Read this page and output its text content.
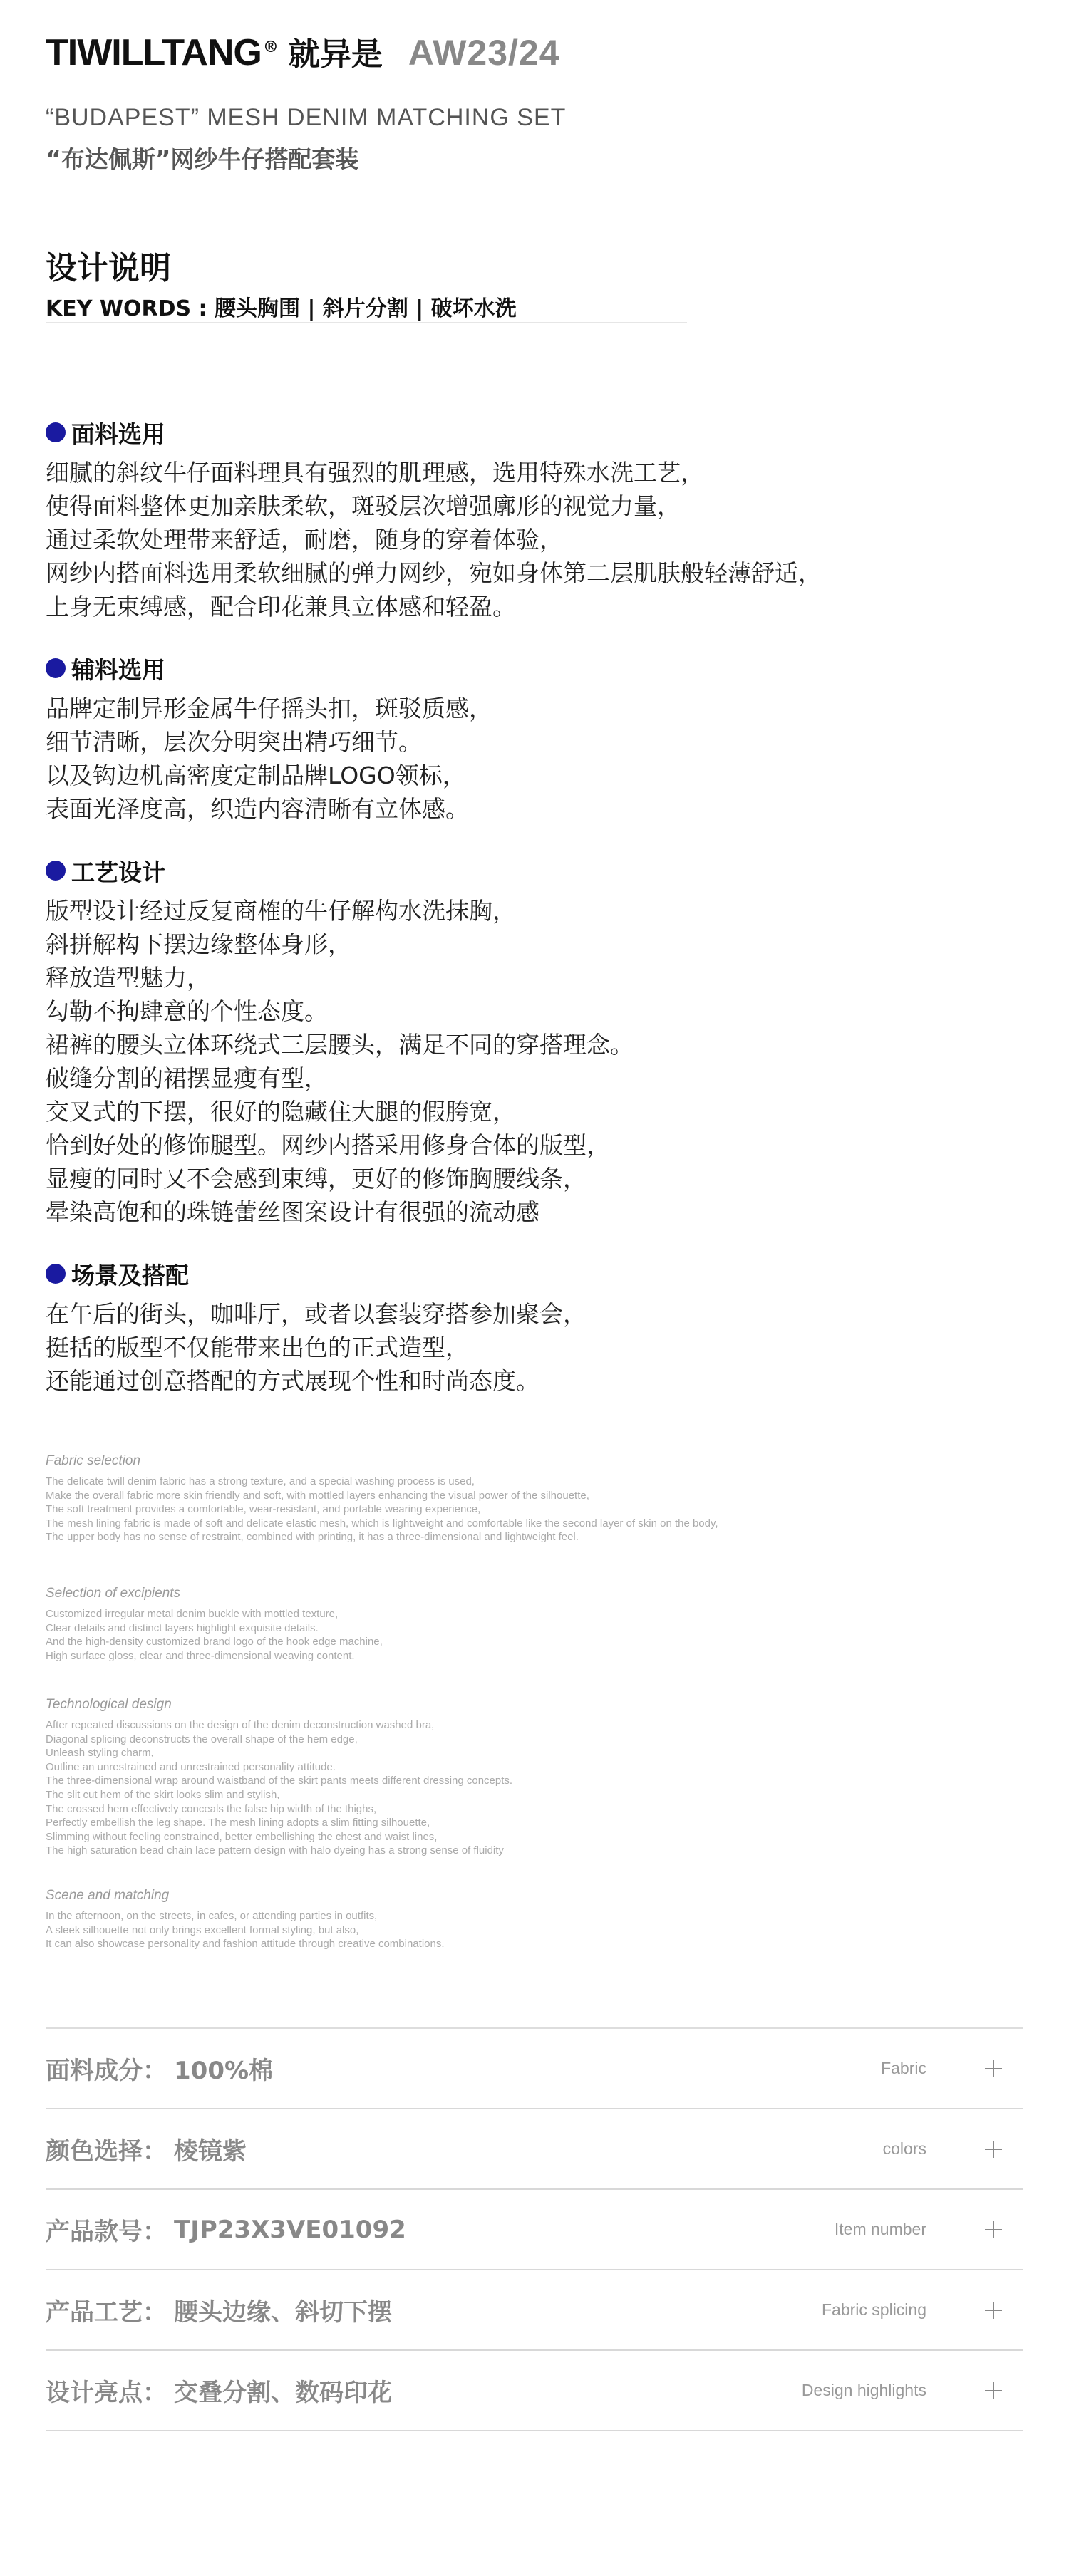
TIWILLTANG ® 就异是 AW23/24
“BUDAPEST” MESH DENIM MATCHING SET
“布达佩斯”网纱牛仔搭配套装
设计说明
KEY WORDS : 腰头胸围 | 斜片分割 | 破坏水洗
面料选用
细腻的斜纹牛仔面料理具有强烈的肌理感，选用特殊水洗工艺，
使得面料整体更加亲肤柔软，斑驳层次增强廓形的视觉力量，
通过柔软处理带来舒适，耐磨，随身的穿着体验，
网纱内搭面料选用柔软细腻的弹力网纱，宛如身体第二层肌肤般轻薄舒适，
上身无束缚感，配合印花兼具立体感和轻盈。
辅料选用
品牌定制异形金属牛仔摇头扣，斑驳质感，
细节清晰，层次分明突出精巧细节。
以及钩边机高密度定制品牌LOGO领标，
表面光泽度高，织造内容清晰有立体感。
工艺设计
版型设计经过反复商榷的牛仔解构水洗抹胸，
斜拼解构下摆边缘整体身形，
释放造型魅力，
勾勒不拘肆意的个性态度。
裙裤的腰头立体环绕式三层腰头，满足不同的穿搭理念。
破缝分割的裙摆显瘦有型，
交叉式的下摆，很好的隐藏住大腿的假胯宽，
恰到好处的修饰腿型。网纱内搭采用修身合体的版型，
显瘦的同时又不会感到束缚，更好的修饰胸腰线条，
晕染高饱和的珠链蕾丝图案设计有很强的流动感
场景及搭配
在午后的街头，咖啡厅，或者以套装穿搭参加聚会，
挺括的版型不仅能带来出色的正式造型，
还能通过创意搭配的方式展现个性和时尚态度。
Fabric selection
The delicate twill denim fabric has a strong texture, and a special washing process is used,
Make the overall fabric more skin friendly and soft, with mottled layers enhancing the visual power of the silhouette,
The soft treatment provides a comfortable, wear-resistant, and portable wearing experience,
The mesh lining fabric is made of soft and delicate elastic mesh, which is lightweight and comfortable like the second layer of skin on the body,
The upper body has no sense of restraint, combined with printing, it has a three-dimensional and lightweight feel.
Selection of excipients
Customized irregular metal denim buckle with mottled texture,
Clear details and distinct layers highlight exquisite details.
And the high-density customized brand logo of the hook edge machine,
High surface gloss, clear and three-dimensional weaving content.
Technological design
After repeated discussions on the design of the denim deconstruction washed bra,
Diagonal splicing deconstructs the overall shape of the hem edge,
Unleash styling charm,
Outline an unrestrained and unrestrained personality attitude.
The three-dimensional wrap around waistband of the skirt pants meets different dressing concepts.
The slit cut hem of the skirt looks slim and stylish,
The crossed hem effectively conceals the false hip width of the thighs,
Perfectly embellish the leg shape. The mesh lining adopts a slim fitting silhouette,
Slimming without feeling constrained, better embellishing the chest and waist lines,
The high saturation bead chain lace pattern design with halo dyeing has a strong sense of fluidity
Scene and matching
In the afternoon, on the streets, in cafes, or attending parties in outfits,
A sleek silhouette not only brings excellent formal styling, but also,
It can also showcase personality and fashion attitude through creative combinations.
面料成分： 100%棉	Fabric
颜色选择： 棱镜紫	colors
产品款号： TJP23X3VE01092	Item number
产品工艺： 腰头边缘、斜切下摆	Fabric splicing
设计亮点： 交叠分割、数码印花	Design highlights
